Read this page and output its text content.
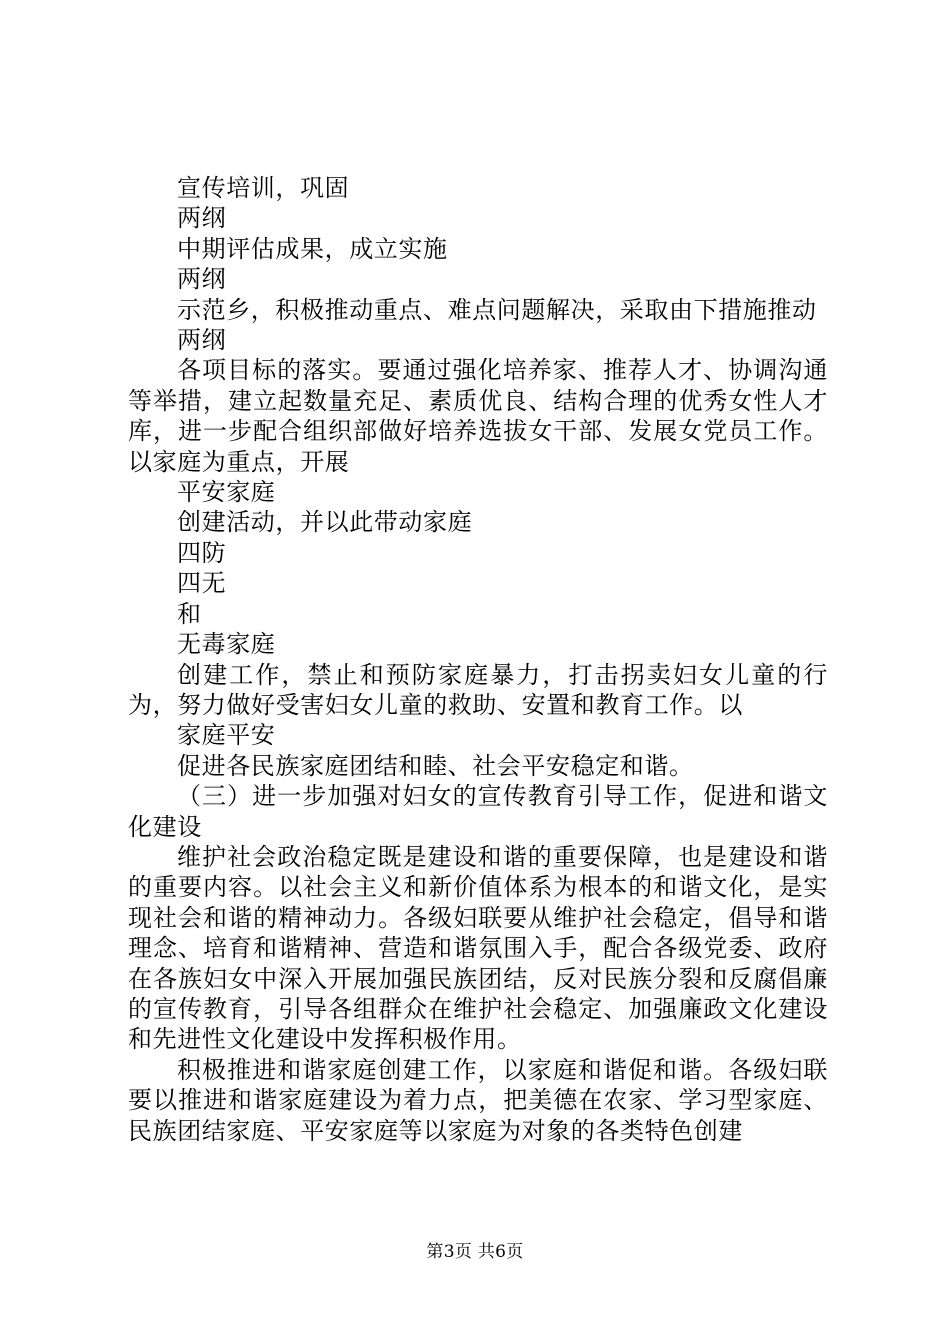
宣传培训，巩固

两纲

中期评估成果，成立实施

两纲

示范乡，积极推动重点、难点问题解决，采取由下措施推动

两纲

各项目标的落实。要通过强化培养家、推荐人才、协调沟通等举措，建立起数量充足、素质优良、结构合理的优秀女性人才库，进一步配合组织部做好培养选拔女干部、发展女党员工作。以家庭为重点，开展

平安家庭

创建活动，并以此带动家庭

四防

四无

和

无毒家庭

创建工作，禁止和预防家庭暴力，打击拐卖妇女儿童的行为，努力做好受害妇女儿童的救助、安置和教育工作。以

家庭平安

促进各民族家庭团结和睦、社会平安稳定和谐。

（三）进一步加强对妇女的宣传教育引导工作，促进和谐文化建设

维护社会政治稳定既是建设和谐的重要保障，也是建设和谐的重要内容。以社会主义和新价值体系为根本的和谐文化，是实现社会和谐的精神动力。各级妇联要从维护社会稳定，倡导和谐理念、培育和谐精神、营造和谐氛围入手，配合各级党委、政府在各族妇女中深入开展加强民族团结，反对民族分裂和反腐倡廉的宣传教育，引导各组群众在维护社会稳定、加强廉政文化建设和先进性文化建设中发挥积极作用。

积极推进和谐家庭创建工作，以家庭和谐促和谐。各级妇联要以推进和谐家庭建设为着力点，把美德在农家、学习型家庭、民族团结家庭、平安家庭等以家庭为对象的各类特色创建

第3页 共6页
